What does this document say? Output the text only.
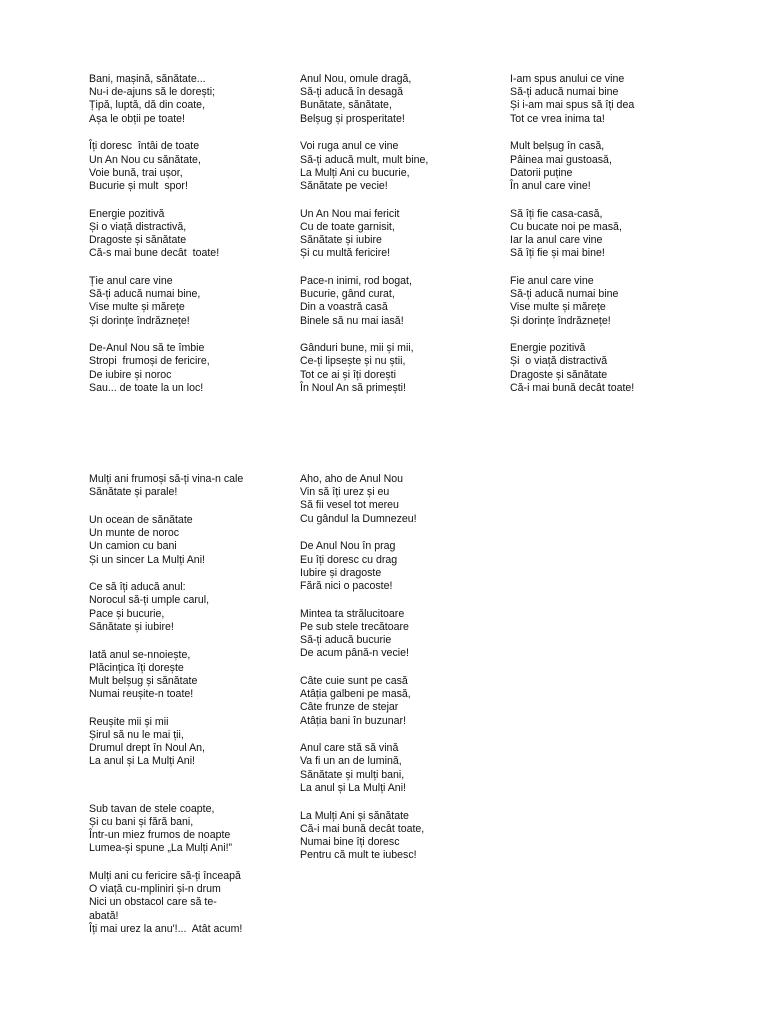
Bani, mașină, sănătate...
Nu-i de-ajuns să le dorești;
Țipă, luptă, dă din coate,
Așa le obții pe toate!
Îți doresc  întâi de toate
Un An Nou cu sănătate,
Voie bună, trai ușor,
Bucurie și mult  spor!
Energie pozitivă
Și o viață distractivă,
Dragoste și sănătate
Că-s mai bune decât  toate!
Ție anul care vine
Să-ți aducă numai bine,
Vise multe și mărețe
Și dorințe îndrăznețe!
De-Anul Nou să te îmbie
Stropi  frumoși de fericire,
De iubire și noroc
Sau... de toate la un loc!
Anul Nou, omule dragă,
Să-ți aducă în desagă
Bunătate, sănătate,
Belșug și prosperitate!
Voi ruga anul ce vine
Să-ți aducă mult, mult bine,
La Mulți Ani cu bucurie,
Sănătate pe vecie!
Un An Nou mai fericit
Cu de toate garnisit,
Sănătate și iubire
Și cu multă fericire!
Pace-n inimi, rod bogat,
Bucurie, gând curat,
Din a voastră casă
Binele să nu mai iasă!
Gânduri bune, mii și mii,
Ce-ți lipsește și nu știi,
Tot ce ai și îți dorești
În Noul An să primești!
I-am spus anului ce vine
Să-ți aducă numai bine
Și i-am mai spus să îți dea
Tot ce vrea inima ta!
Mult belșug în casă,
Pâinea mai gustoasă,
Datorii puține
În anul care vine!
Să îți fie casa-casă,
Cu bucate noi pe masă,
Iar la anul care vine
Să îți fie și mai bine!
Fie anul care vine
Să-ți aducă numai bine
Vise multe și mărețe
Și dorințe îndrăznețe!
Energie pozitivă
Și  o viață distractivă
Dragoste și sănătate
Că-i mai bună decât toate!
Mulți ani frumoși să-ți vina-n cale
Sănătate și parale!
Un ocean de sănătate
Un munte de noroc
Un camion cu bani
Și un sincer La Mulți Ani!
Ce să îți aducă anul:
Norocul să-ți umple carul,
Pace și bucurie,
Sănătate și iubire!
Iată anul se-nnoiește,
Plăcințica îți dorește
Mult belșug și sănătate
Numai reușite-n toate!
Reușite mii și mii
Șirul să nu le mai ții,
Drumul drept în Noul An,
La anul și La Mulți Ani!
Sub tavan de stele coapte,
Și cu bani și fără bani,
Într-un miez frumos de noapte
Lumea-și spune „La Mulți Ani!”
Mulți ani cu fericire să-ți înceapă
O viață cu-mpliniri și-n drum
Nici un obstacol care să te-
abată!
Îți mai urez la anu'!...  Atât acum!
Aho, aho de Anul Nou
Vin să îți urez și eu
Să fii vesel tot mereu
Cu gândul la Dumnezeu!
De Anul Nou în prag
Eu îți doresc cu drag
Iubire și dragoste
Fără nici o pacoste!
Mintea ta strălucitoare
Pe sub stele trecătoare
Să-ți aducă bucurie
De acum până-n vecie!
Câte cuie sunt pe casă
Atâția galbeni pe masă,
Câte frunze de stejar
Atâția bani în buzunar!
Anul care stă să vină
Va fi un an de lumină,
Sănătate și mulți bani,
La anul și La Mulți Ani!
La Mulți Ani și sănătate
Că-i mai bună decât toate,
Numai bine îți doresc
Pentru că mult te iubesc!
